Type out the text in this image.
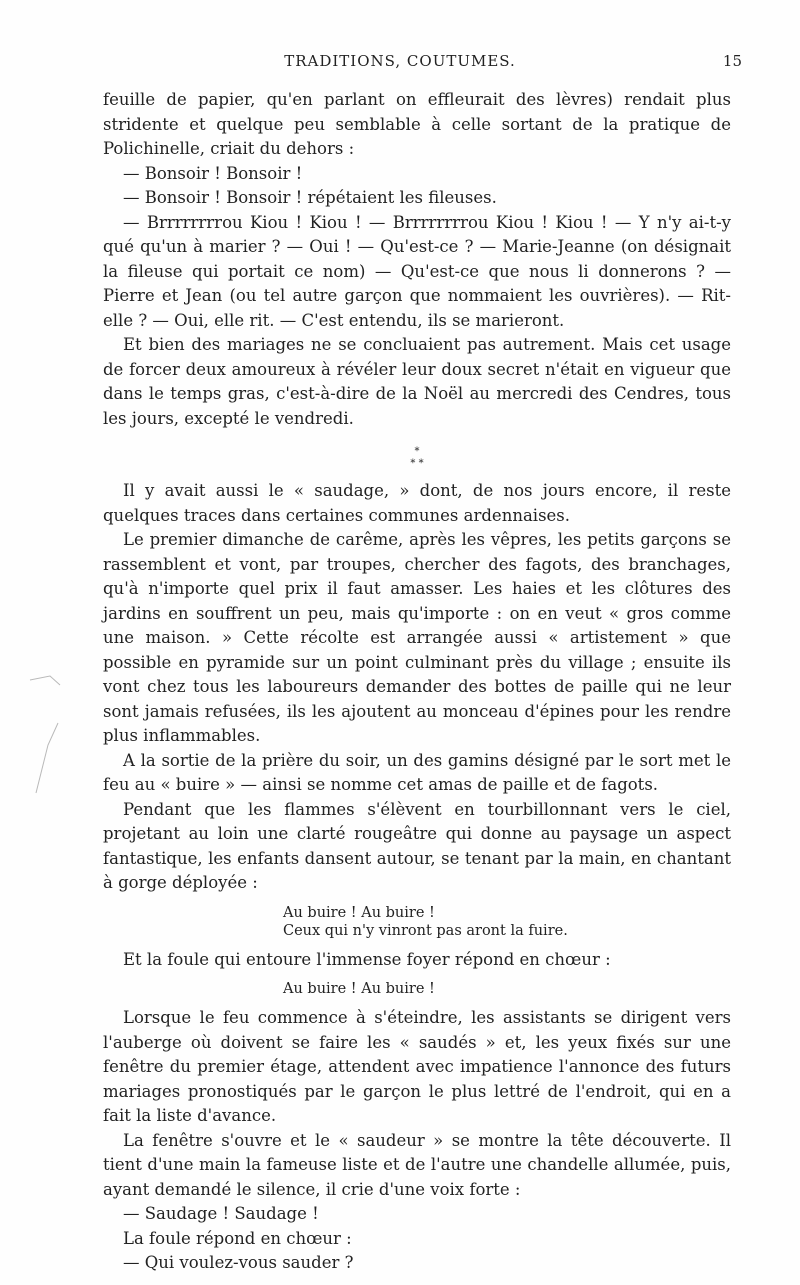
TRADITIONS, COUTUMES.	15

feuille de papier, qu'en parlant on effleurait des lèvres) rendait plus stridente et quelque peu semblable à celle sortant de la pratique de Polichinelle, criait du dehors :

— Bonsoir ! Bonsoir !

— Bonsoir ! Bonsoir ! répétaient les fileuses.

— Brrrrrrrrou Kiou ! Kiou ! — Brrrrrrrrou Kiou ! Kiou ! — Y n'y ai-t-y qué qu'un à marier ? — Oui ! — Qu'est-ce ? — Marie-Jeanne (on désignait la fileuse qui portait ce nom) — Qu'est-ce que nous li donnerons ? — Pierre et Jean (ou tel autre garçon que nommaient les ouvrières). — Rit-elle ? — Oui, elle rit. — C'est entendu, ils se marieront.

Et bien des mariages ne se concluaient pas autrement. Mais cet usage de forcer deux amoureux à révéler leur doux secret n'était en vigueur que dans le temps gras, c'est-à-dire de la Noël au mercredi des Cendres, tous les jours, excepté le vendredi.

*
* *

Il y avait aussi le « saudage, » dont, de nos jours encore, il reste quelques traces dans certaines communes ardennaises.

Le premier dimanche de carême, après les vêpres, les petits garçons se rassemblent et vont, par troupes, chercher des fagots, des branchages, qu'à n'importe quel prix il faut amasser. Les haies et les clôtures des jardins en souffrent un peu, mais qu'importe : on en veut « gros comme une maison. » Cette récolte est arrangée aussi « artistement » que possible en pyramide sur un point culminant près du village ; ensuite ils vont chez tous les laboureurs demander des bottes de paille qui ne leur sont jamais refusées, ils les ajoutent au monceau d'épines pour les rendre plus inflammables.

A la sortie de la prière du soir, un des gamins désigné par le sort met le feu au « buire » — ainsi se nomme cet amas de paille et de fagots.

Pendant que les flammes s'élèvent en tourbillonnant vers le ciel, projetant au loin une clarté rougeâtre qui donne au paysage un aspect fantastique, les enfants dansent autour, se tenant par la main, en chantant à gorge déployée :

Au buire ! Au buire !
Ceux qui n'y vinront pas aront la fuire.

Et la foule qui entoure l'immense foyer répond en chœur :

Au buire ! Au buire !

Lorsque le feu commence à s'éteindre, les assistants se dirigent vers l'auberge où doivent se faire les « saudés » et, les yeux fixés sur une fenêtre du premier étage, attendent avec impatience l'annonce des futurs mariages pronostiqués par le garçon le plus lettré de l'endroit, qui en a fait la liste d'avance.

La fenêtre s'ouvre et le « saudeur » se montre la tête découverte. Il tient d'une main la fameuse liste et de l'autre une chandelle allumée, puis, ayant demandé le silence, il crie d'une voix forte :

— Saudage ! Saudage !

La foule répond en chœur :

— Qui voulez-vous sauder ?
